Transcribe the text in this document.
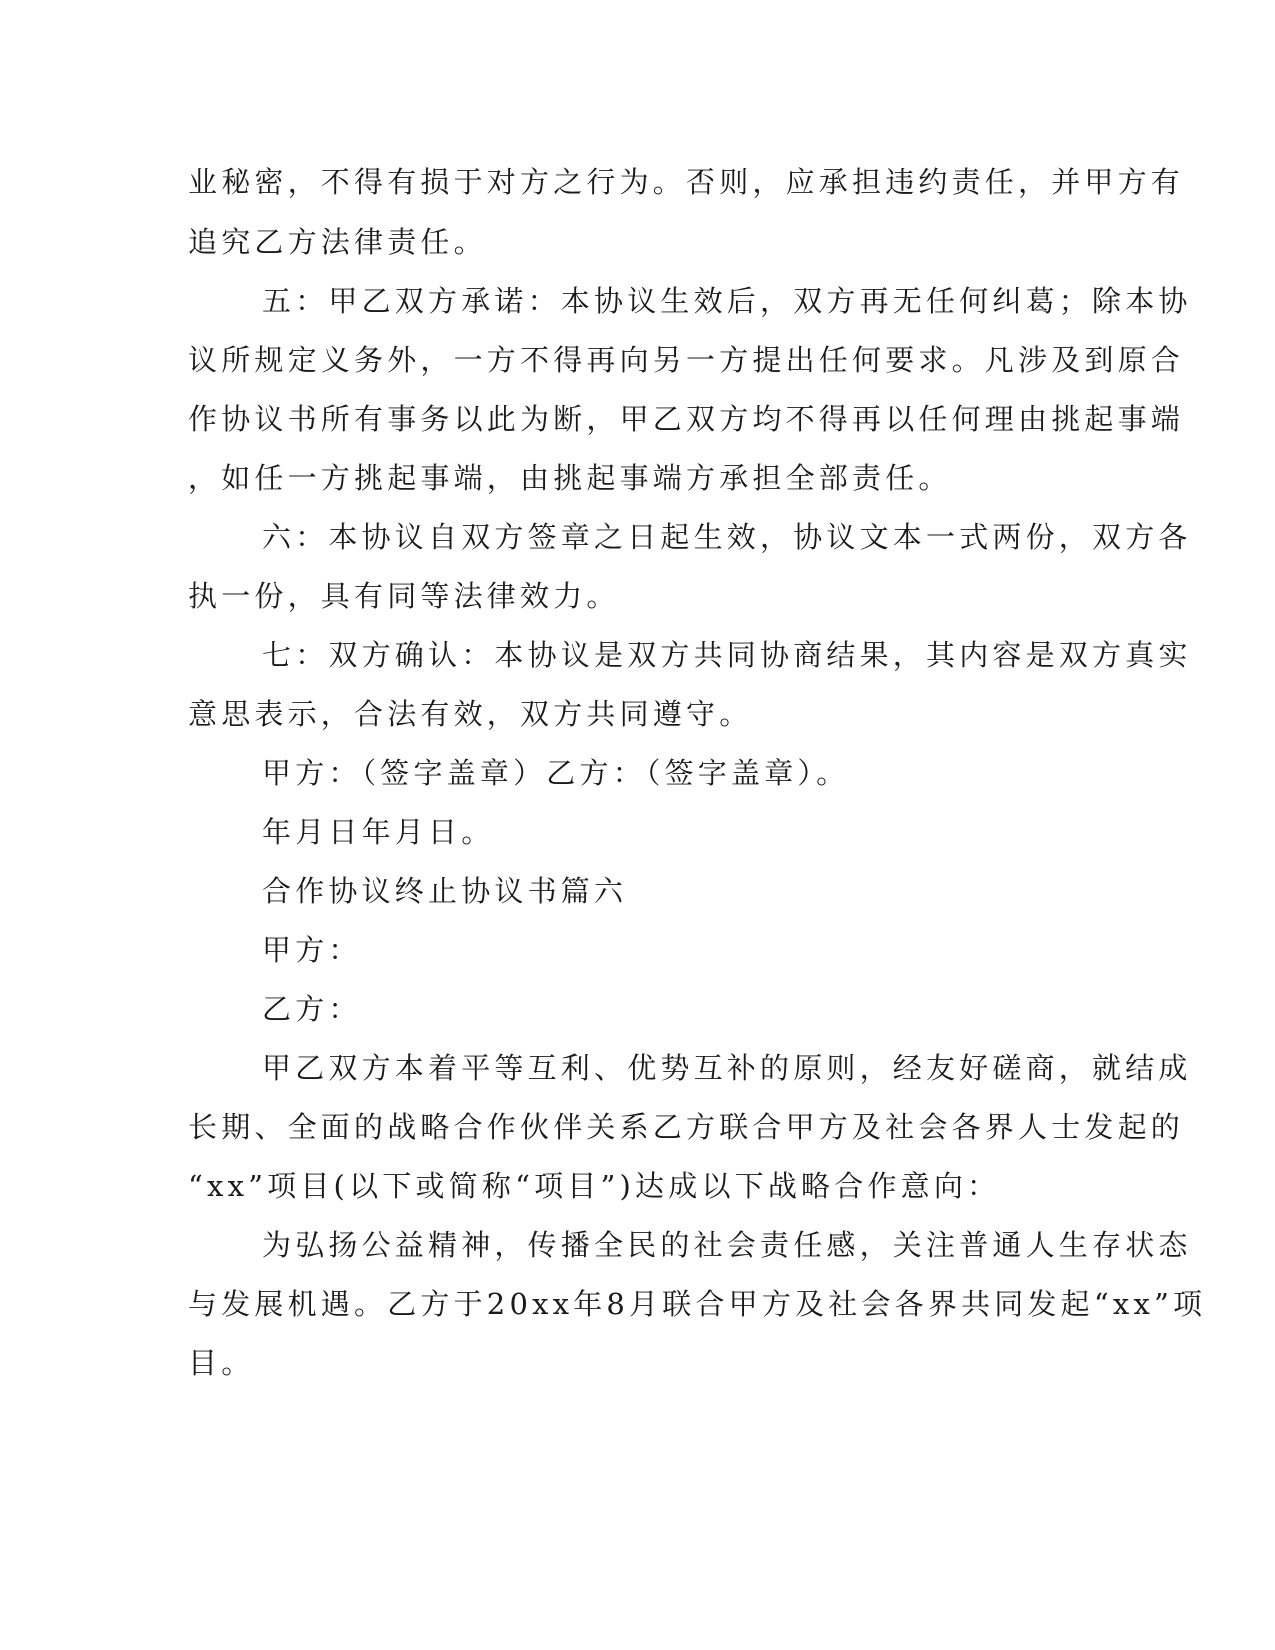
业秘密，不得有损于对方之行为。否则，应承担违约责任，并甲方有
追究乙方法律责任。
五：甲乙双方承诺：本协议生效后，双方再无任何纠葛；除本协
议所规定义务外，一方不得再向另一方提出任何要求。凡涉及到原合
作协议书所有事务以此为断，甲乙双方均不得再以任何理由挑起事端
，如任一方挑起事端，由挑起事端方承担全部责任。
六：本协议自双方签章之日起生效，协议文本一式两份，双方各
执一份，具有同等法律效力。
七：双方确认：本协议是双方共同协商结果，其内容是双方真实
意思表示，合法有效，双方共同遵守。
甲方：（签字盖章）乙方：（签字盖章）。
年月日年月日。
合作协议终止协议书篇六
甲方：
乙方：
甲乙双方本着平等互利、优势互补的原则，经友好磋商，就结成
长期、全面的战略合作伙伴关系乙方联合甲方及社会各界人士发起的
“xx”项目(以下或简称“项目”)达成以下战略合作意向：
为弘扬公益精神，传播全民的社会责任感，关注普通人生存状态
与发展机遇。乙方于20xx年8月联合甲方及社会各界共同发起“xx”项
目。
